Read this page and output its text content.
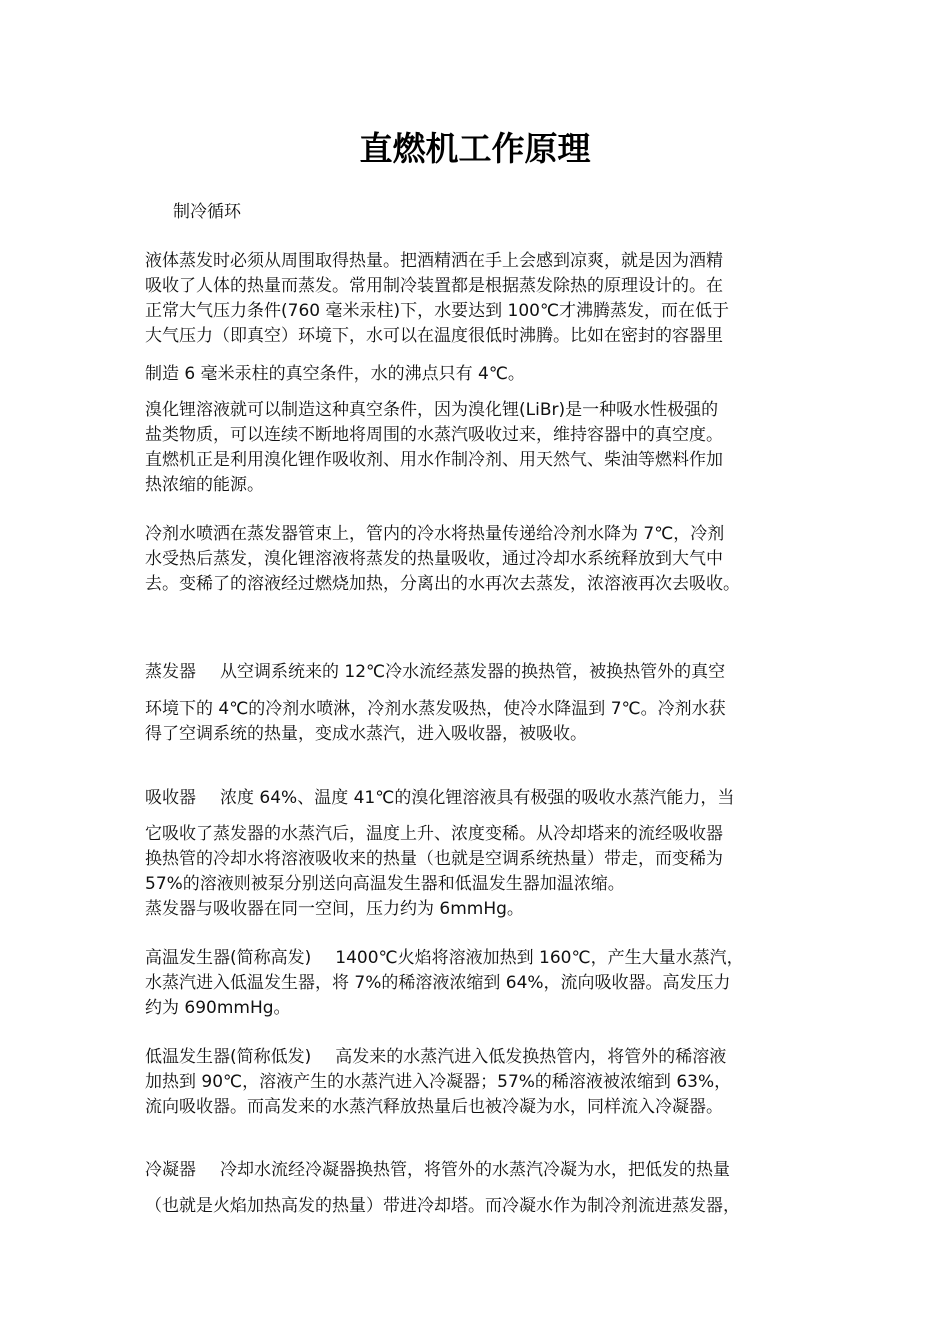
直燃机工作原理
制冷循环
液体蒸发时必须从周围取得热量。把酒精洒在手上会感到凉爽，就是因为酒精
吸收了人体的热量而蒸发。常用制冷装置都是根据蒸发除热的原理设计的。在
正常大气压力条件(760 毫米汞柱)下，水要达到 100℃才沸腾蒸发，而在低于
大气压力（即真空）环境下，水可以在温度很低时沸腾。比如在密封的容器里
制造 6 毫米汞柱的真空条件，水的沸点只有 4℃。
溴化锂溶液就可以制造这种真空条件，因为溴化锂(LiBr)是一种吸水性极强的
盐类物质，可以连续不断地将周围的水蒸汽吸收过来，维持容器中的真空度。
直燃机正是利用溴化锂作吸收剂、用水作制冷剂、用天然气、柴油等燃料作加
热浓缩的能源。
冷剂水喷洒在蒸发器管束上，管内的冷水将热量传递给冷剂水降为 7℃，冷剂
水受热后蒸发，溴化锂溶液将蒸发的热量吸收，通过冷却水系统释放到大气中
去。变稀了的溶液经过燃烧加热，分离出的水再次去蒸发，浓溶液再次去吸收。
蒸发器 从空调系统来的 12℃冷水流经蒸发器的换热管，被换热管外的真空
环境下的 4℃的冷剂水喷淋，冷剂水蒸发吸热，使冷水降温到 7℃。冷剂水获
得了空调系统的热量，变成水蒸汽，进入吸收器，被吸收。
吸收器 浓度 64%、温度 41℃的溴化锂溶液具有极强的吸收水蒸汽能力，当
它吸收了蒸发器的水蒸汽后，温度上升、浓度变稀。从冷却塔来的流经吸收器
换热管的冷却水将溶液吸收来的热量（也就是空调系统热量）带走，而变稀为
57%的溶液则被泵分别送向高温发生器和低温发生器加温浓缩。
蒸发器与吸收器在同一空间，压力约为 6mmHg。
高温发生器(简称高发) 1400℃火焰将溶液加热到 160℃，产生大量水蒸汽，
水蒸汽进入低温发生器，将 7%的稀溶液浓缩到 64%，流向吸收器。高发压力
约为 690mmHg。
低温发生器(简称低发) 高发来的水蒸汽进入低发换热管内，将管外的稀溶液
加热到 90℃，溶液产生的水蒸汽进入冷凝器；57%的稀溶液被浓缩到 63%，
流向吸收器。而高发来的水蒸汽释放热量后也被冷凝为水，同样流入冷凝器。
冷凝器 冷却水流经冷凝器换热管，将管外的水蒸汽冷凝为水，把低发的热量
（也就是火焰加热高发的热量）带进冷却塔。而冷凝水作为制冷剂流进蒸发器，
